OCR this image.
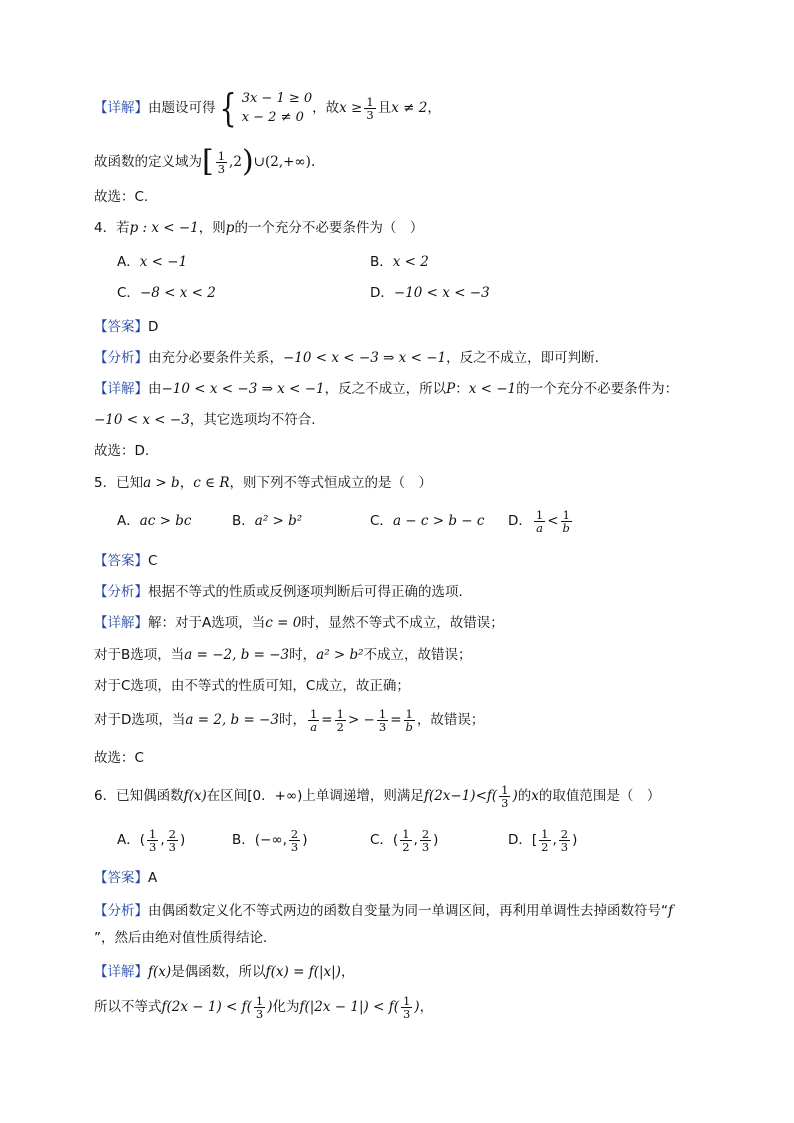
【详解】由题设可得 { 3x − 1 ≥ 0
x − 2 ≠ 0
，故$x \ge \frac{1}{3}$ 且x ≠ 2，
故函数的定义域为[ $\frac{1}{3}$ ,2)∪(2,+∞).
故选：C.
4．若p : x < −1，则p的一个充分不必要条件为（　）
A．x < −1	B．x < 2
C．−8 < x < 2	D．−10 < x < −3
【答案】D
【分析】由充分必要条件关系，−10 < x < −3 ⇒ x < −1，反之不成立，即可判断.
【详解】由−10 < x < −3 ⇒ x < −1，反之不成立，所以P：x < −1的一个充分不必要条件为：
−10 < x < −3，其它选项均不符合.
故选：D.
5．已知a > b，c ∈ R，则下列不等式恒成立的是（　）
A．ac > bc	B．a² > b²	C．a − c > b − c D． $\frac{1}{a} < \frac{1}{b}$
【答案】C
【分析】根据不等式的性质或反例逐项判断后可得正确的选项.
【详解】解：对于A选项，当c = 0时，显然不等式不成立，故错误；
对于B选项，当a = −2, b = −3时，a² > b²不成立，故错误；
对于C选项，由不等式的性质可知，C成立，故正确；
对于D选项，当a = 2, b = −3时， $\frac{1}{a} = \frac{1}{2}$ > − $\frac{1}{3} = \frac{1}{b}$ ，故错误；
故选：C
6．已知偶函数f(x)在区间[0．+∞)上单调递增，则满足$f(2x-1)<f( \frac{1}{3}$ )的x的取值范围是（　）
A．( $\frac{1}{3}$ , $\frac{2}{3}$ )	B．(−∞, $\frac{2}{3}$ )	C．( $\frac{1}{2}$ , $\frac{2}{3}$ )	D．[ $\frac{1}{2}$ , $\frac{2}{3}$ )
【答案】A
【分析】由偶函数定义化不等式两边的函数自变量为同一单调区间，再利用单调性去掉函数符号“f
”，然后由绝对值性质得结论．
【详解】f(x)是偶函数，所以f(x) = f(|x|)，
所以不等式$f(2x - 1) < f( \frac{1}{3}$ )化为$f(|2x - 1|) < f( \frac{1}{3}$ )，
